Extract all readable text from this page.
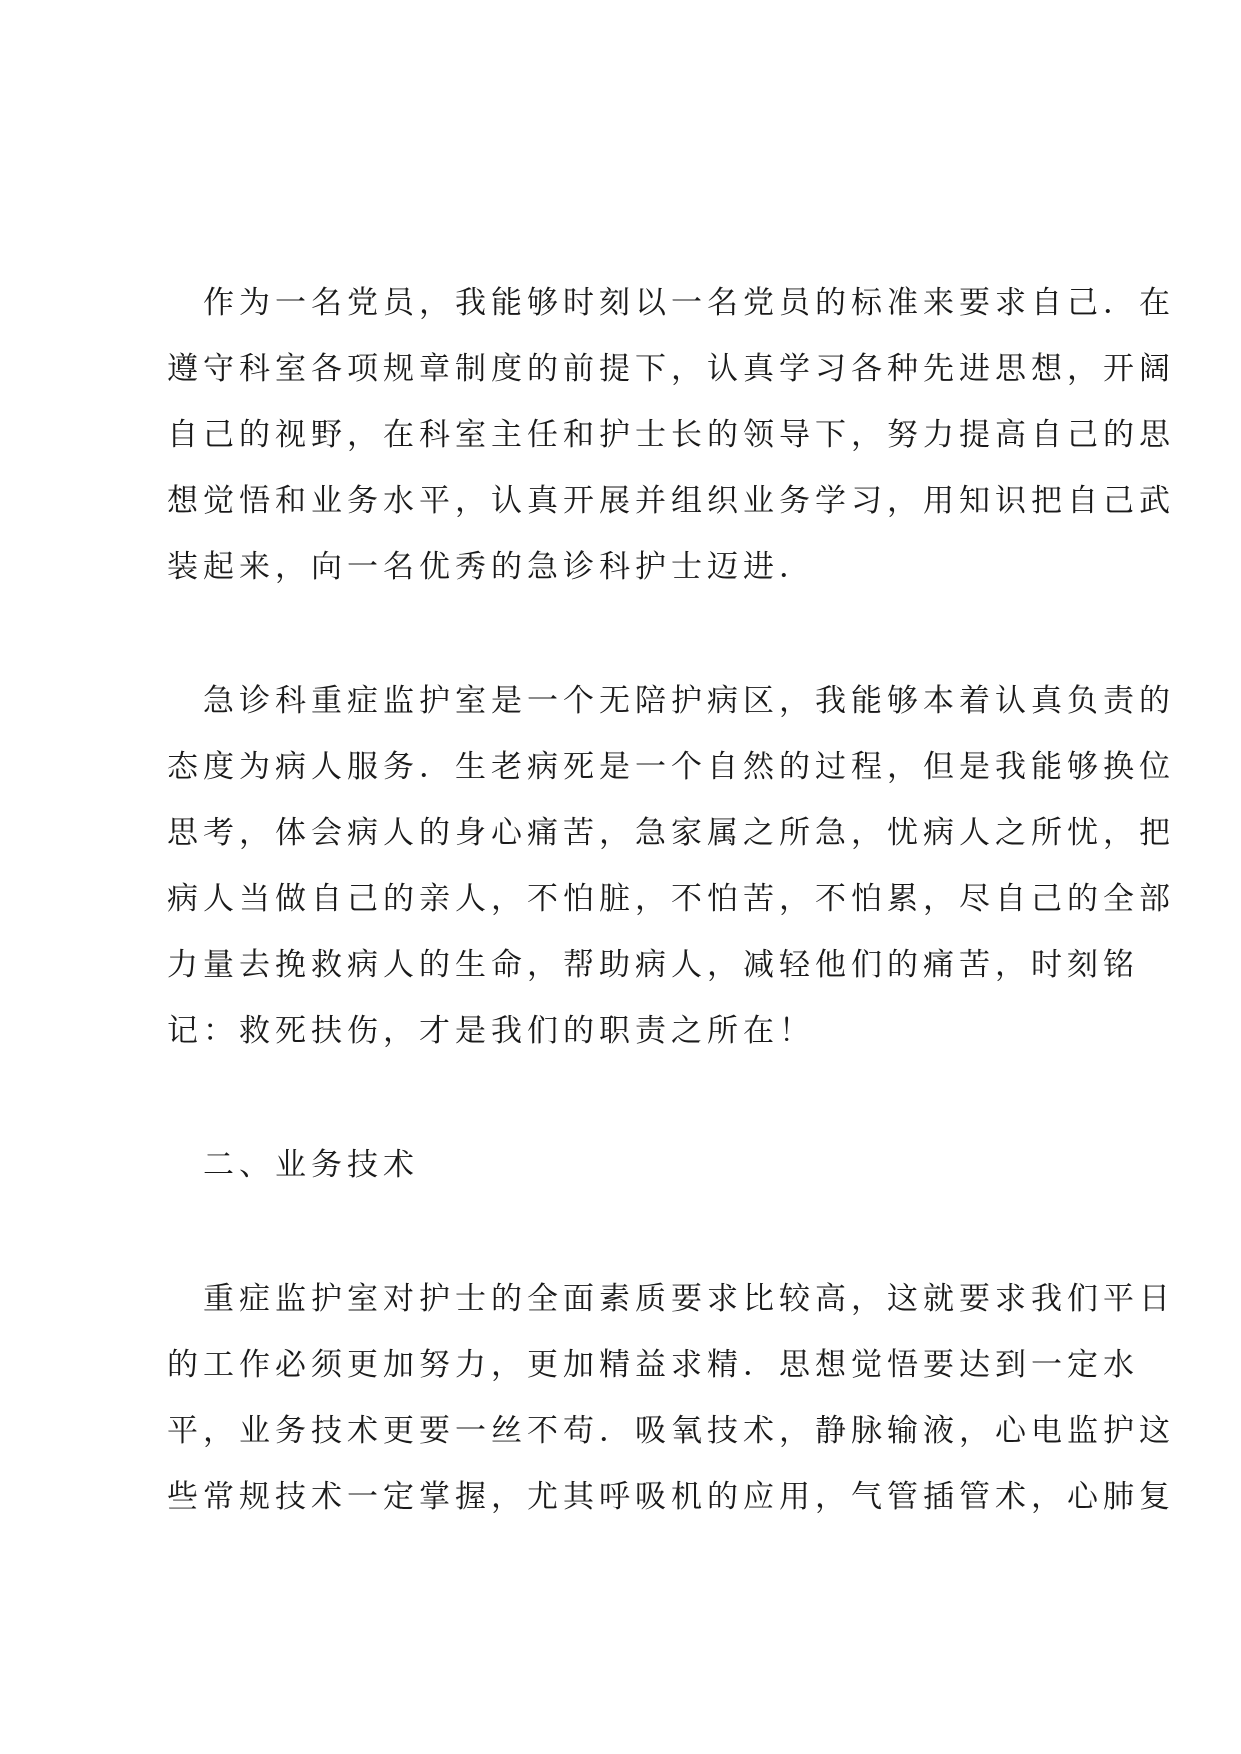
　作为一名党员，我能够时刻以一名党员的标准来要求自己．在
遵守科室各项规章制度的前提下，认真学习各种先进思想，开阔
自己的视野，在科室主任和护士长的领导下，努力提高自己的思
想觉悟和业务水平，认真开展并组织业务学习，用知识把自己武
装起来，向一名优秀的急诊科护士迈进．

　急诊科重症监护室是一个无陪护病区，我能够本着认真负责的
态度为病人服务．生老病死是一个自然的过程，但是我能够换位
思考，体会病人的身心痛苦，急家属之所急，忧病人之所忧，把
病人当做自己的亲人，不怕脏，不怕苦，不怕累，尽自己的全部
力量去挽救病人的生命，帮助病人，减轻他们的痛苦，时刻铭
记：救死扶伤，才是我们的职责之所在！

　二、业务技术

　重症监护室对护士的全面素质要求比较高，这就要求我们平日
的工作必须更加努力，更加精益求精．思想觉悟要达到一定水
平，业务技术更要一丝不苟．吸氧技术，静脉输液，心电监护这
些常规技术一定掌握，尤其呼吸机的应用，气管插管术，心肺复
